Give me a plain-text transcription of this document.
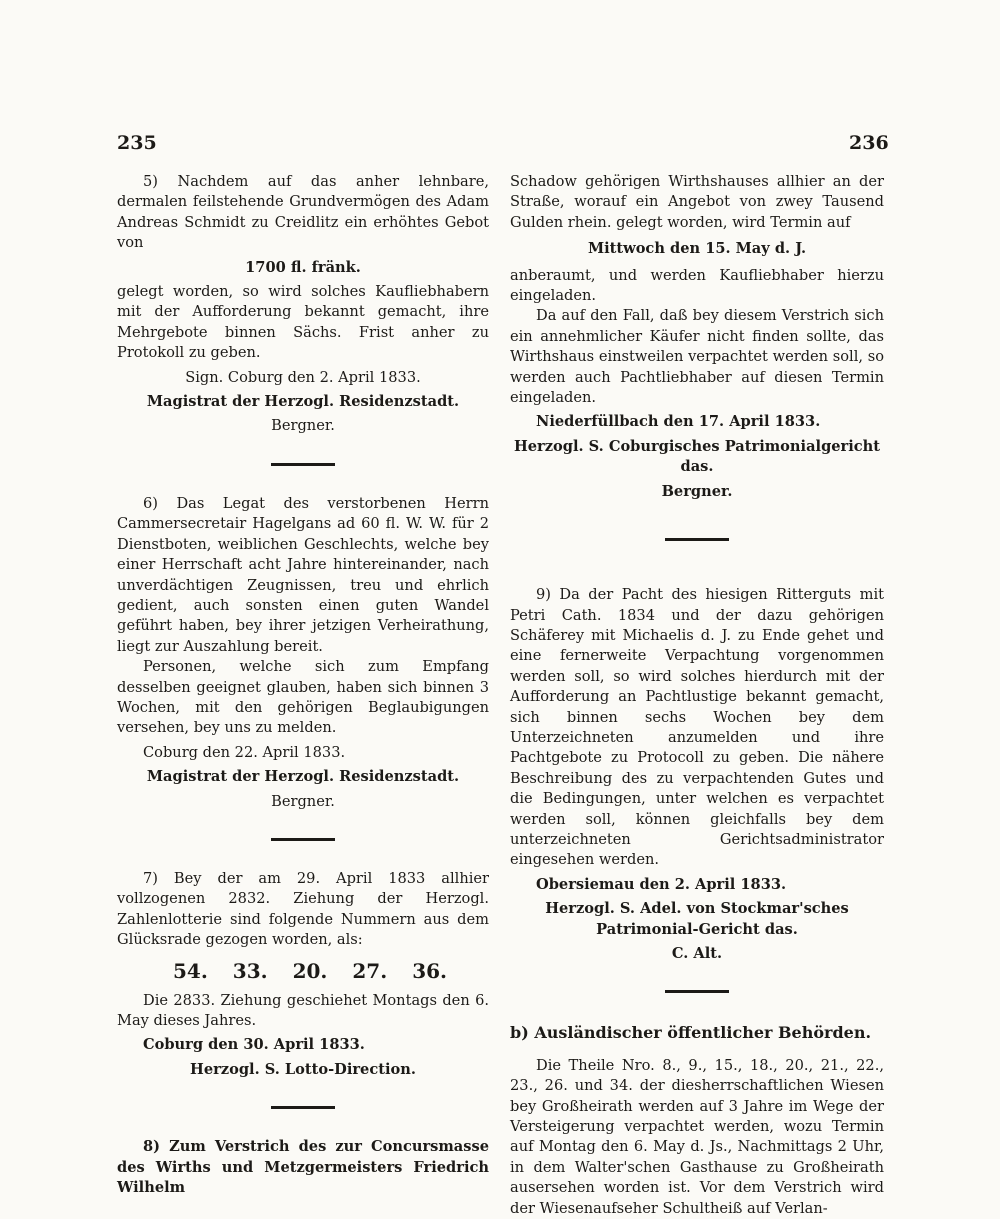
235	236

5) Nachdem auf das anher lehnbare, dermalen feilstehende Grundvermögen des Adam Andreas Schmidt zu Creidlitz ein erhöhtes Gebot von

1700 fl. fränk.

gelegt worden, so wird solches Kaufliebhabern mit der Aufforderung bekannt gemacht, ihre Mehrgebote binnen Sächs. Frist anher zu Protokoll zu geben.

Sign. Coburg den 2. April 1833.

Magistrat der Herzogl. Residenzstadt.

Bergner.

6) Das Legat des verstorbenen Herrn Cammersecretair Hagelgans ad 60 fl. W. W. für 2 Dienstboten, weiblichen Geschlechts, welche bey einer Herrschaft acht Jahre hintereinander, nach unverdächtigen Zeugnissen, treu und ehrlich gedient, auch sonsten einen guten Wandel geführt haben, bey ihrer jetzigen Verheirathung, liegt zur Auszahlung bereit.

Personen, welche sich zum Empfang desselben geeignet glauben, haben sich binnen 3 Wochen, mit den gehörigen Beglaubigungen versehen, bey uns zu melden.

Coburg den 22. April 1833.

Magistrat der Herzogl. Residenzstadt.

Bergner.

7) Bey der am 29. April 1833 allhier vollzogenen 2832. Ziehung der Herzogl. Zahlenlotterie sind folgende Nummern aus dem Glücksrade gezogen worden, als:

54. 33. 20. 27. 36.

Die 2833. Ziehung geschiehet Montags den 6. May dieses Jahres.

Coburg den 30. April 1833.

Herzogl. S. Lotto-Direction.

8) Zum Verstrich des zur Concursmasse des Wirths und Metzgermeisters Friedrich Wilhelm

Schadow gehörigen Wirthshauses allhier an der Straße, worauf ein Angebot von zwey Tausend Gulden rhein. gelegt worden, wird Termin auf

Mittwoch den 15. May d. J.

anberaumt, und werden Kaufliebhaber hierzu eingeladen.

Da auf den Fall, daß bey diesem Verstrich sich ein annehmlicher Käufer nicht finden sollte, das Wirthshaus einstweilen verpachtet werden soll, so werden auch Pachtliebhaber auf diesen Termin eingeladen.

Niederfüllbach den 17. April 1833.

Herzogl. S. Coburgisches Patrimonialgericht das.

Bergner.

9) Da der Pacht des hiesigen Ritterguts mit Petri Cath. 1834 und der dazu gehörigen Schäferey mit Michaelis d. J. zu Ende gehet und eine fernerweite Verpachtung vorgenommen werden soll, so wird solches hierdurch mit der Aufforderung an Pachtlustige bekannt gemacht, sich binnen sechs Wochen bey dem Unterzeichneten anzumelden und ihre Pachtgebote zu Protocoll zu geben. Die nähere Beschreibung des zu verpachtenden Gutes und die Bedingungen, unter welchen es verpachtet werden soll, können gleichfalls bey dem unterzeichneten Gerichtsadministrator eingesehen werden.

Obersiemau den 2. April 1833.

Herzogl. S. Adel. von Stockmar'sches Patrimonial-Gericht das.

C. Alt.

b) Ausländischer öffentlicher Behörden.

Die Theile Nro. 8., 9., 15., 18., 20., 21., 22., 23., 26. und 34. der diesherrschaftlichen Wiesen bey Großheirath werden auf 3 Jahre im Wege der Versteigerung verpachtet werden, wozu Termin auf Montag den 6. May d. Js., Nachmittags 2 Uhr, in dem Walter'schen Gasthause zu Großheirath ausersehen worden ist. Vor dem Verstrich wird der Wiesenaufseher Schultheiß auf Verlan-
